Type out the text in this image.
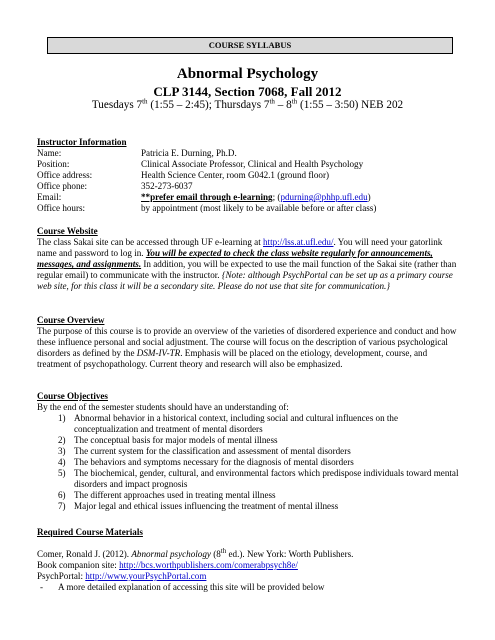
COURSE SYLLABUS
Abnormal Psychology
CLP 3144, Section 7068, Fall 2012
Tuesdays 7th (1:55 – 2:45); Thursdays 7th – 8th (1:55 – 3:50) NEB 202
Instructor Information
Name:	Patricia E. Durning, Ph.D.
Position:	Clinical Associate Professor, Clinical and Health Psychology
Office address:	Health Science Center, room G042.1 (ground floor)
Office phone:	352-273-6037
Email:	**prefer email through e-learning; (pdurning@phhp.ufl.edu)
Office hours:	by appointment (most likely to be available before or after class)
Course Website

The class Sakai site can be accessed through UF e-learning at http://lss.at.ufl.edu/. You will need your gatorlink name and password to log in. You will be expected to check the class website regularly for announcements, messages, and assignments. In addition, you will be expected to use the mail function of the Sakai site (rather than regular email) to communicate with the instructor. {Note: although PsychPortal can be set up as a primary course web site, for this class it will be a secondary site. Please do not use that site for communication.}

Course Overview

The purpose of this course is to provide an overview of the varieties of disordered experience and conduct and how these influence personal and social adjustment. The course will focus on the description of various psychological disorders as defined by the DSM-IV-TR. Emphasis will be placed on the etiology, development, course, and treatment of psychopathology. Current theory and research will also be emphasized.

Course Objectives

By the end of the semester students should have an understanding of:

1) Abnormal behavior in a historical context, including social and cultural influences on the conceptualization and treatment of mental disorders
2) The conceptual basis for major models of mental illness
3) The current system for the classification and assessment of mental disorders
4) The behaviors and symptoms necessary for the diagnosis of mental disorders
5) The biochemical, gender, cultural, and environmental factors which predispose individuals toward mental disorders and impact prognosis
6) The different approaches used in treating mental illness
7) Major legal and ethical issues influencing the treatment of mental illness
Required Course Materials

Comer, Ronald J. (2012). Abnormal psychology (8th ed.). New York: Worth Publishers.

Book companion site: http://bcs.worthpublishers.com/comerabpsych8e/

PsychPortal: http://www.yourPsychPortal.com

- A more detailed explanation of accessing this site will be provided below
